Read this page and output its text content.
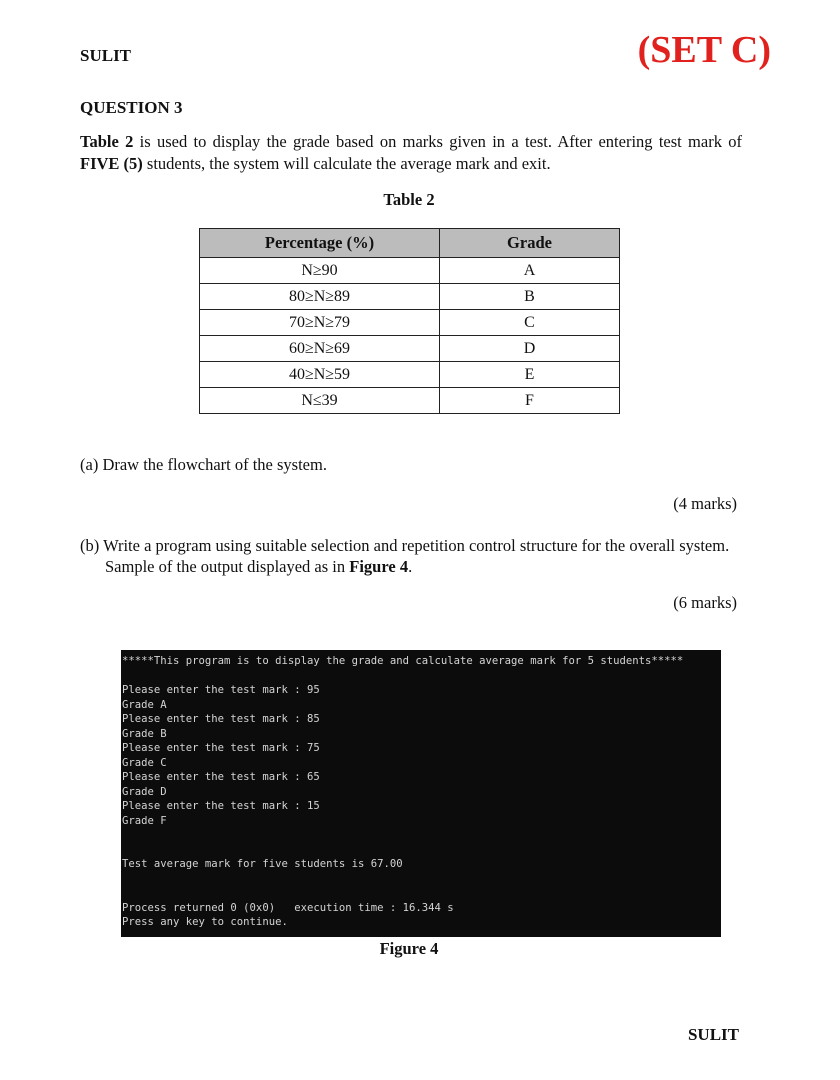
SULIT	(SET C)
QUESTION 3
Table 2 is used to display the grade based on marks given in a test. After entering test mark of FIVE (5) students, the system will calculate the average mark and exit.
Table 2
Percentage (%)	Grade
N≥90	A
80≥N≥89	B
70≥N≥79	C
60≥N≥69	D
40≥N≥59	E
N≤39	F
(a) Draw the flowchart of the system.
(4 marks)
(b) Write a program using suitable selection and repetition control structure for the overall system.
Sample of the output displayed as in Figure 4.
(6 marks)
*****This program is to display the grade and calculate average mark for 5 students*****
Please enter the test mark : 95
Grade A
Please enter the test mark : 85
Grade B
Please enter the test mark : 75
Grade C
Please enter the test mark : 65
Grade D
Please enter the test mark : 15
Grade F
Test average mark for five students is 67.00
Process returned 0 (0x0)   execution time : 16.344 s
Press any key to continue.
Figure 4
SULIT
